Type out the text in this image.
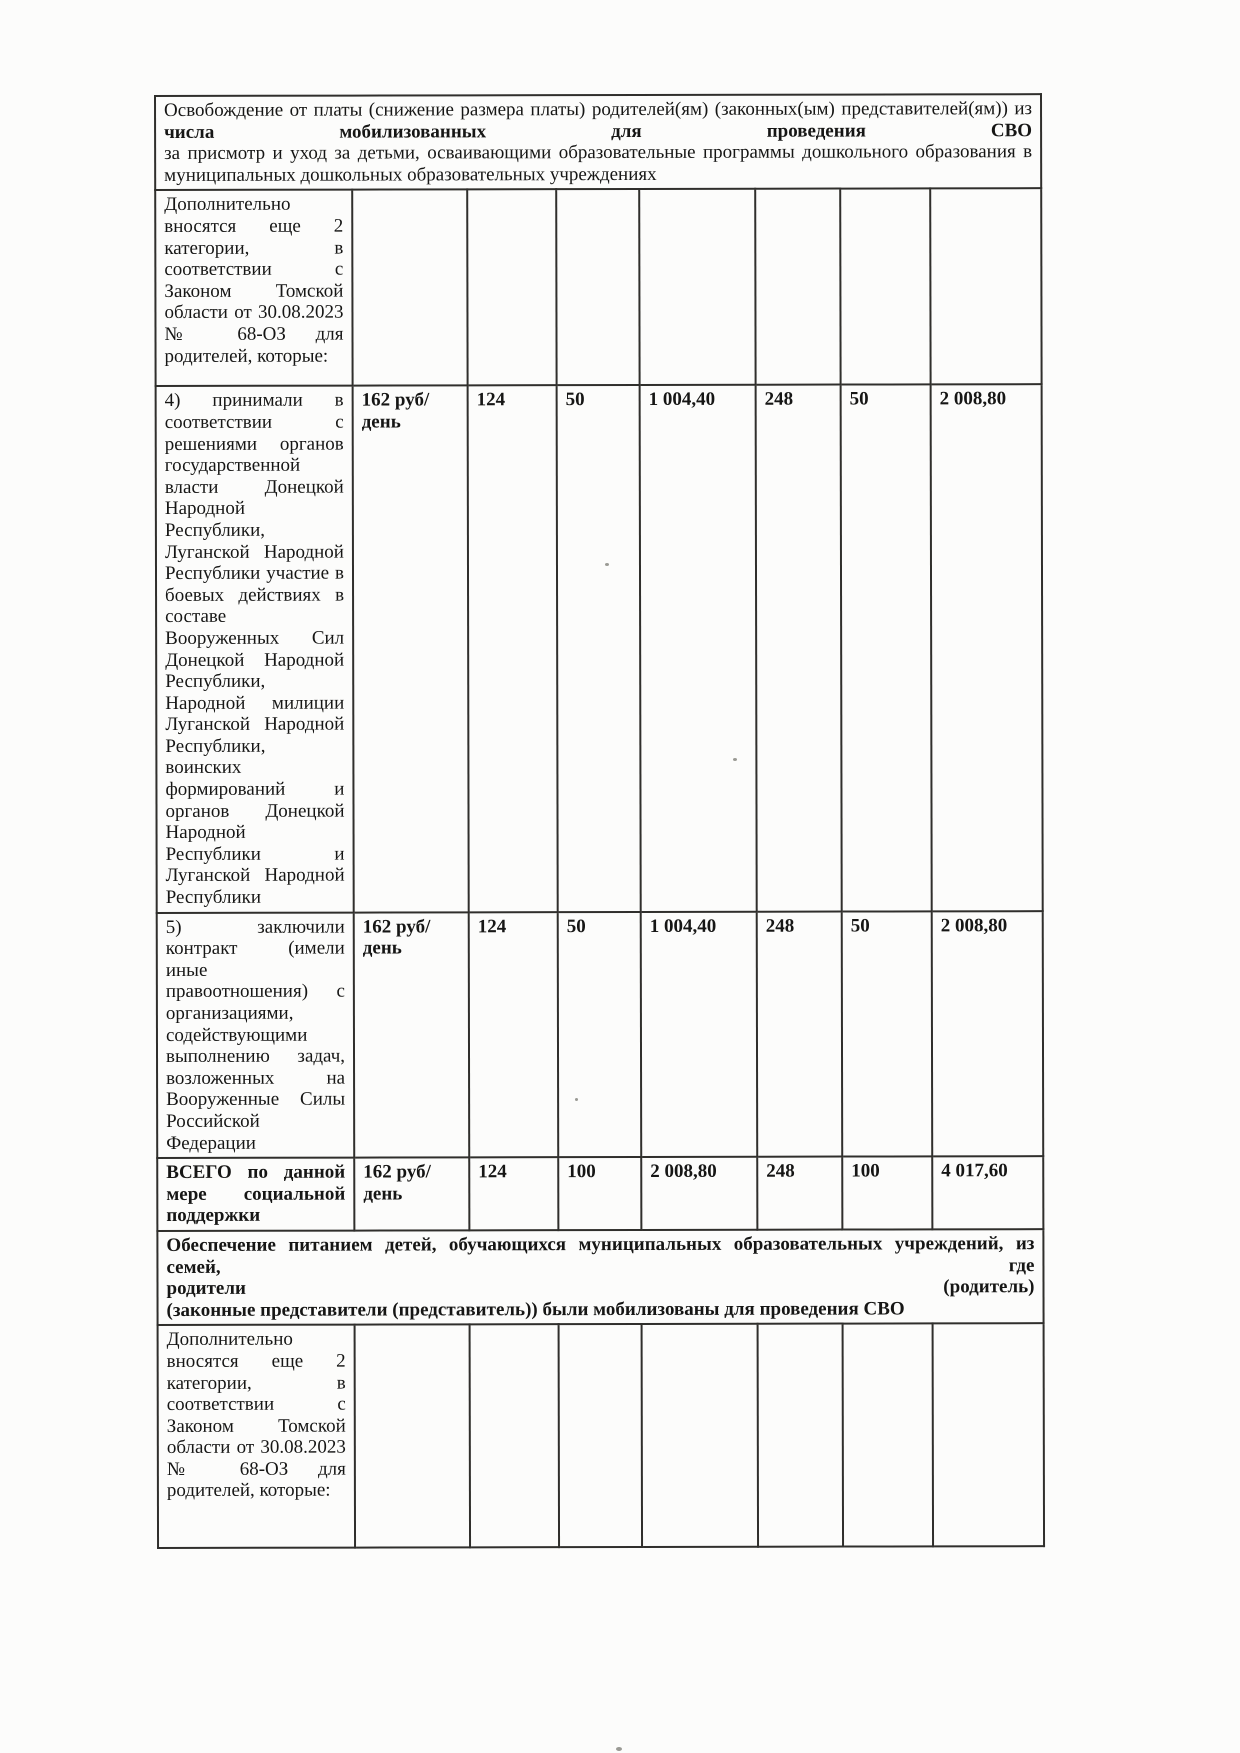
Освобождение от платы (снижение размера платы) родителей(ям) (законных(ым) представителей(ям)) из
числа	мобилизованных	для	проведения	СВО
за присмотр и уход за детьми, осваивающими образовательные программы дошкольного образования в
муниципальных дошкольных образовательных учреждениях

Дополнительно вносятся еще 2 категории, в соответствии с Законом Томской области от 30.08.2023 № 68-ОЗ для родителей, которые:							
4) принимали в соответствии с решениями органов государственной власти Донецкой Народной Республики, Луганской Народной Республики участие в боевых действиях в составе Вооруженных Сил Донецкой Народной Республики, Народной милиции Луганской Народной Республики, воинских формирований и органов Донецкой Народной Республики и Луганской Народной Республики	162 руб/день	124	50	1 004,40	248	50	2 008,80
5) заключили контракт (имели иные правоотношения) с организациями, содействующими выполнению задач, возложенных на Вооруженные Силы Российской Федерации	162 руб/день	124	50	1 004,40	248	50	2 008,80
ВСЕГО по данной мере социальной поддержки	162 руб/день	124	100	2 008,80	248	100	4 017,60

Обеспечение питанием детей, обучающихся муниципальных образовательных учреждений, из семей, где
родители (родитель)
(законные представители (представитель)) были мобилизованы для проведения СВО							

Дополнительно вносятся еще 2 категории, в соответствии с Законом Томской области от 30.08.2023 № 68-ОЗ для родителей, которые:							
